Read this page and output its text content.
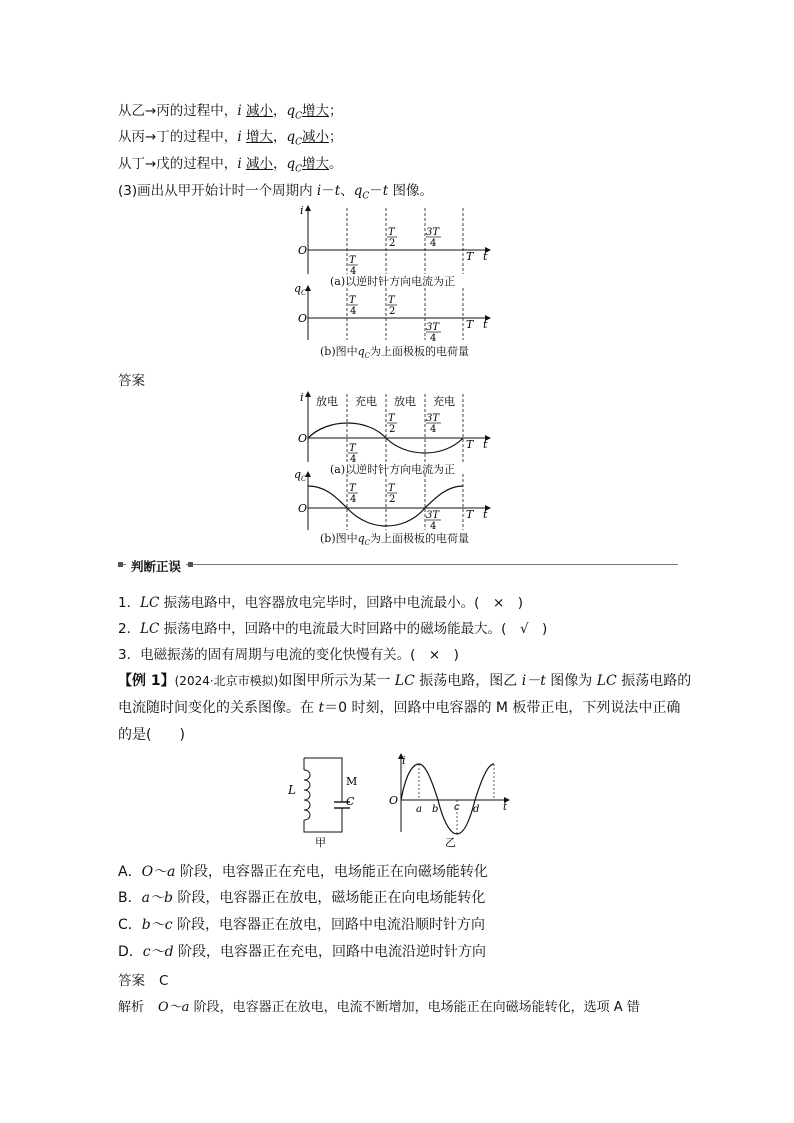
从乙→丙的过程中，i 减小，$q_C$增大；
从丙→丁的过程中，i 增大，$q_C$减小；
从丁→戊的过程中，i 减小，$q_C$增大。
(3)画出从甲开始计时一个周期内 i－t、$q_C-t$ 图像。
i
O	t
T
T
4
T
2
3T
4
q C
O	t
T
T
4
T
2
3T
4
(a)以逆时针方向电流为正
(b)图中$q_C$为上面极板的电荷量
答案
i
O	t
T
放电 充电 放电 充电
T
4
T
2
3T
4
q C
O	t
T
T
4
T
2
3T
4
(a)以逆时针方向电流为正
(b)图中$q_C$为上面极板的电荷量
判断正误
1．LC 振荡电路中，电容器放电完毕时，回路中电流最小。(　×　)
2．LC 振荡电路中，回路中的电流最大时回路中的磁场能最大。(　√　)
3．电磁振荡的固有周期与电流的变化快慢有关。(　×　)
【例 1】(2024·北京市模拟)如图甲所示为某一 LC 振荡电路，图乙 i－t 图像为 LC 振荡电路的
电流随时间变化的关系图像。在 t＝0 时刻，回路中电容器的 M 板带正电，下列说法中正确
的是(　　)
L
M
C
甲
i
O
a b c d t
乙
A．O～a 阶段，电容器正在充电，电场能正在向磁场能转化
B．a～b 阶段，电容器正在放电，磁场能正在向电场能转化
C．b～c 阶段，电容器正在放电，回路中电流沿顺时针方向
D．c～d 阶段，电容器正在充电，回路中电流沿逆时针方向
答案 C
解析 O～a 阶段，电容器正在放电，电流不断增加，电场能正在向磁场能转化，选项 A 错
